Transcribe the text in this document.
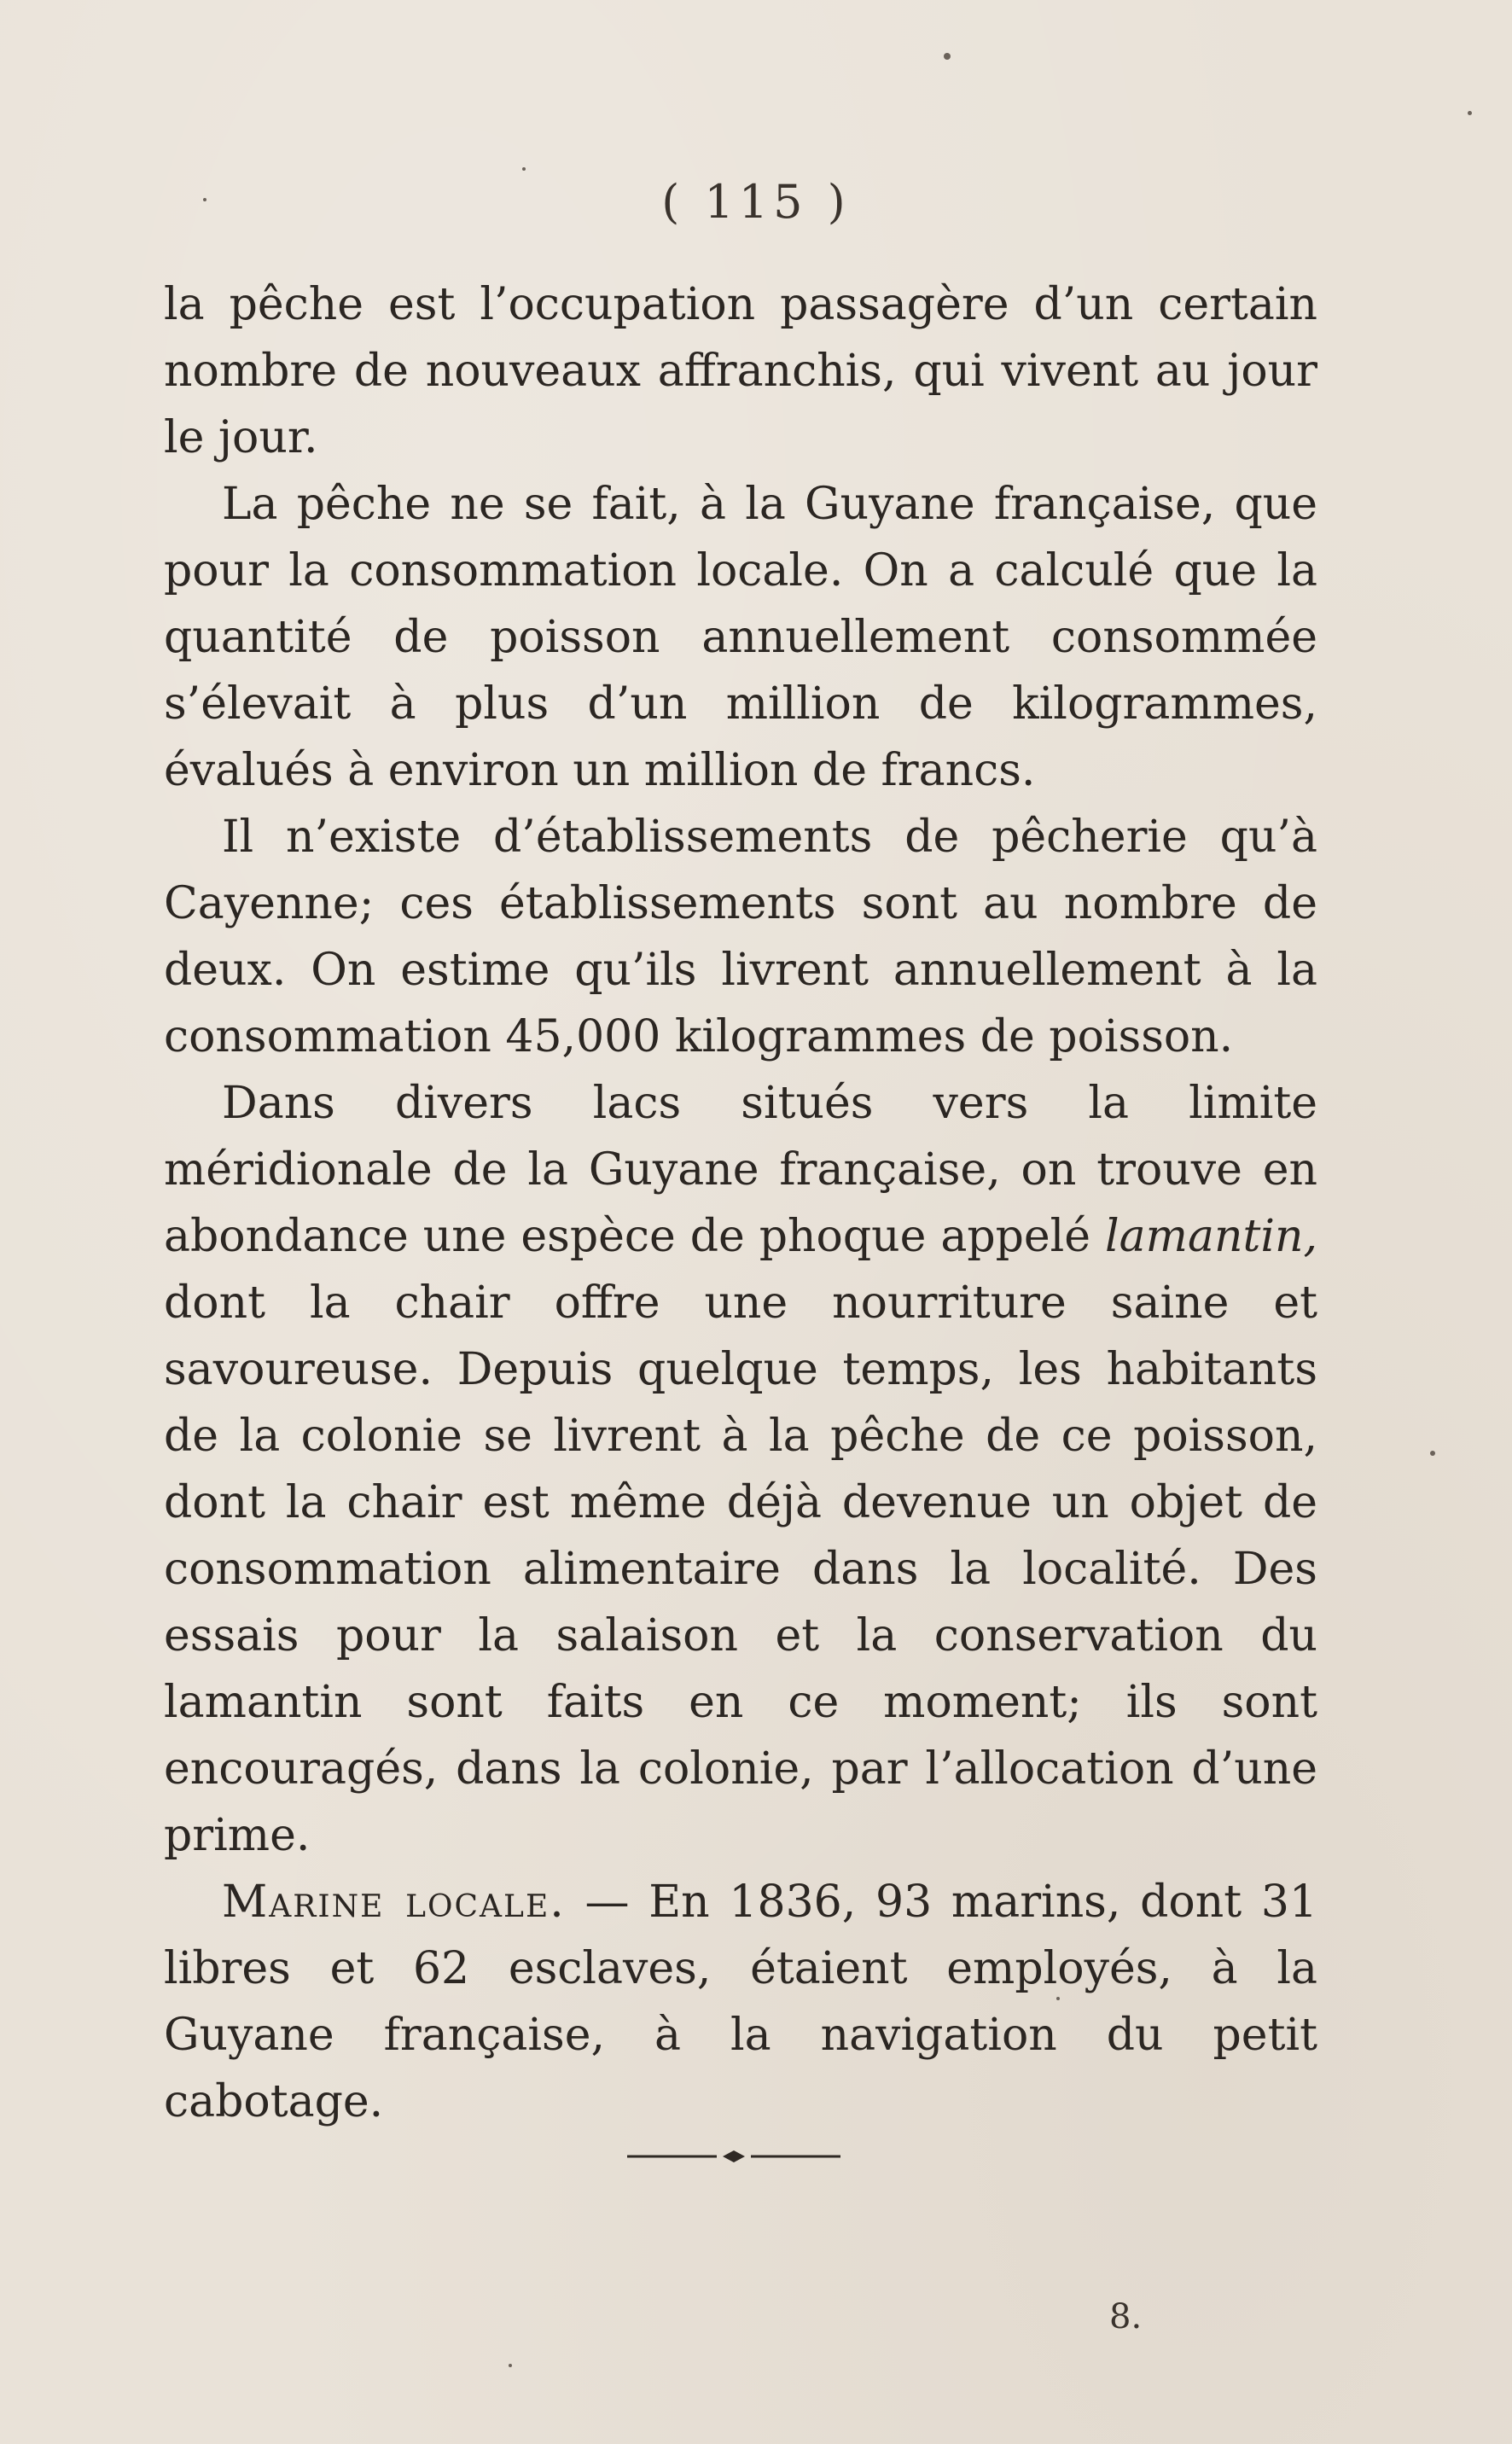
( 115 )

la pêche est l’occupation passagère d’un certain nombre de nouveaux affranchis, qui vivent au jour le jour.

La pêche ne se fait, à la Guyane française, que pour la consommation locale. On a calculé que la quantité de poisson annuellement consommée s’élevait à plus d’un million de kilogrammes, évalués à environ un million de francs.

Il n’existe d’établissements de pêcherie qu’à Cayenne; ces établissements sont au nombre de deux. On estime qu’ils livrent annuellement à la consommation 45,000 kilogrammes de poisson.

Dans divers lacs situés vers la limite méridionale de la Guyane française, on trouve en abondance une espèce de phoque appelé lamantin, dont la chair offre une nourriture saine et savoureuse. Depuis quelque temps, les habitants de la colonie se livrent à la pêche de ce poisson, dont la chair est même déjà devenue un objet de consommation alimentaire dans la localité. Des essais pour la salaison et la conservation du lamantin sont faits en ce moment; ils sont encouragés, dans la colonie, par l’allocation d’une prime.

Marine locale. — En 1836, 93 marins, dont 31 libres et 62 esclaves, étaient employés, à la Guyane française, à la navigation du petit cabotage.

8.
